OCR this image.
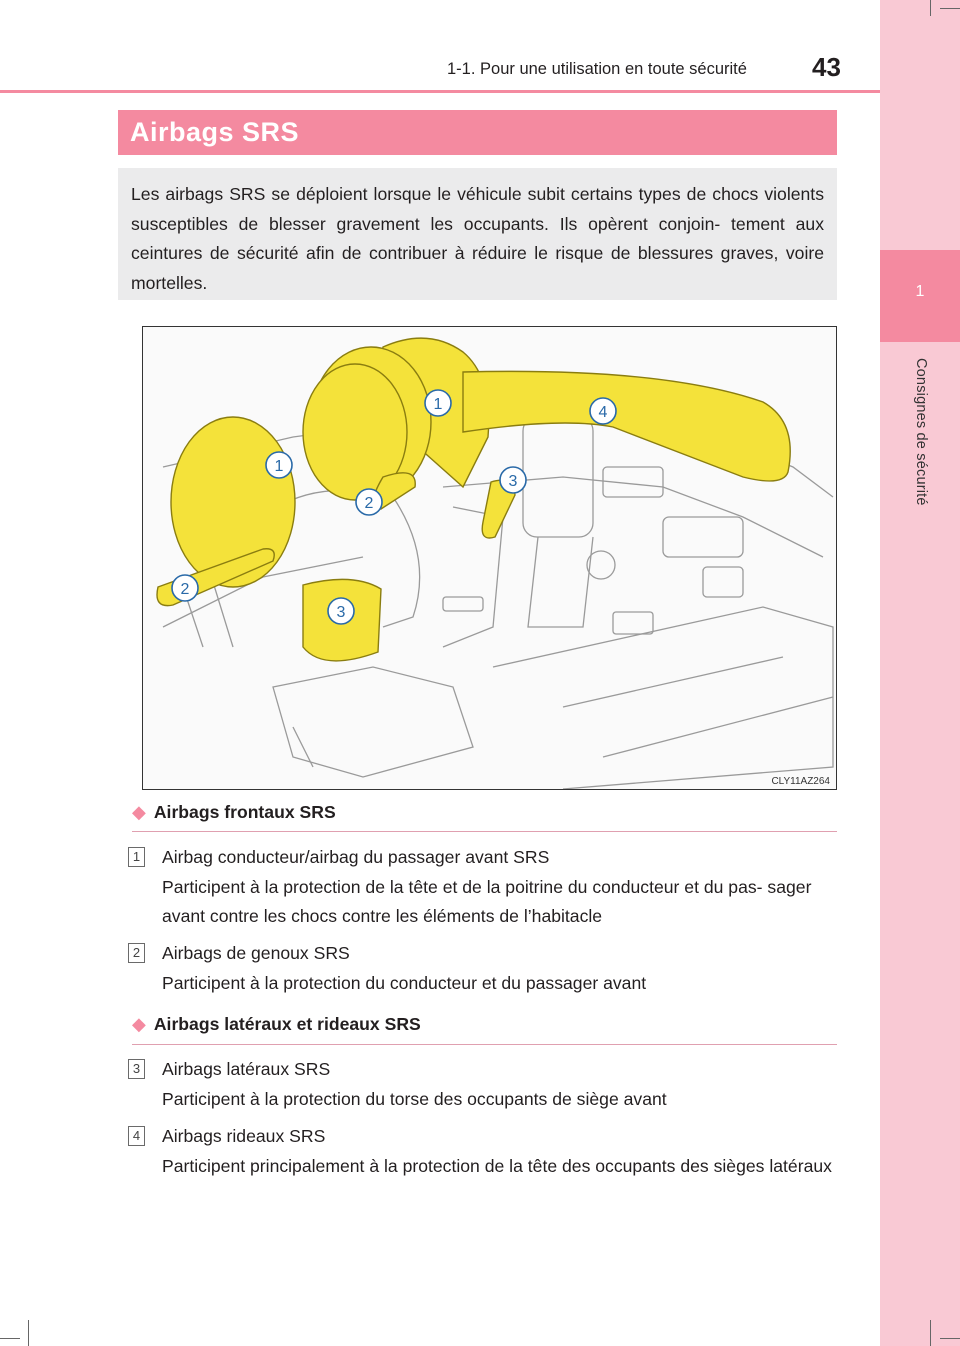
1
Consignes de sécurité
1-1. Pour une utilisation en toute sécurité	43
Airbags SRS
Les airbags SRS se déploient lorsque le véhicule subit certains types de chocs violents susceptibles de blesser gravement les occupants. Ils opèrent conjoin- tement aux ceintures de sécurité afin de contribuer à réduire le risque de blessures graves, voire mortelles.
1	4
1
2
3
2
3
CLY11AZ264
◆ Airbags frontaux SRS
1 Airbag conducteur/airbag du passager avant SRS
Participent à la protection de la tête et de la poitrine du conducteur et du pas- sager avant contre les chocs contre les éléments de l’habitacle
2 Airbags de genoux SRS
Participent à la protection du conducteur et du passager avant
◆ Airbags latéraux et rideaux SRS
3 Airbags latéraux SRS
Participent à la protection du torse des occupants de siège avant
4 Airbags rideaux SRS
Participent principalement à la protection de la tête des occupants des sièges latéraux
